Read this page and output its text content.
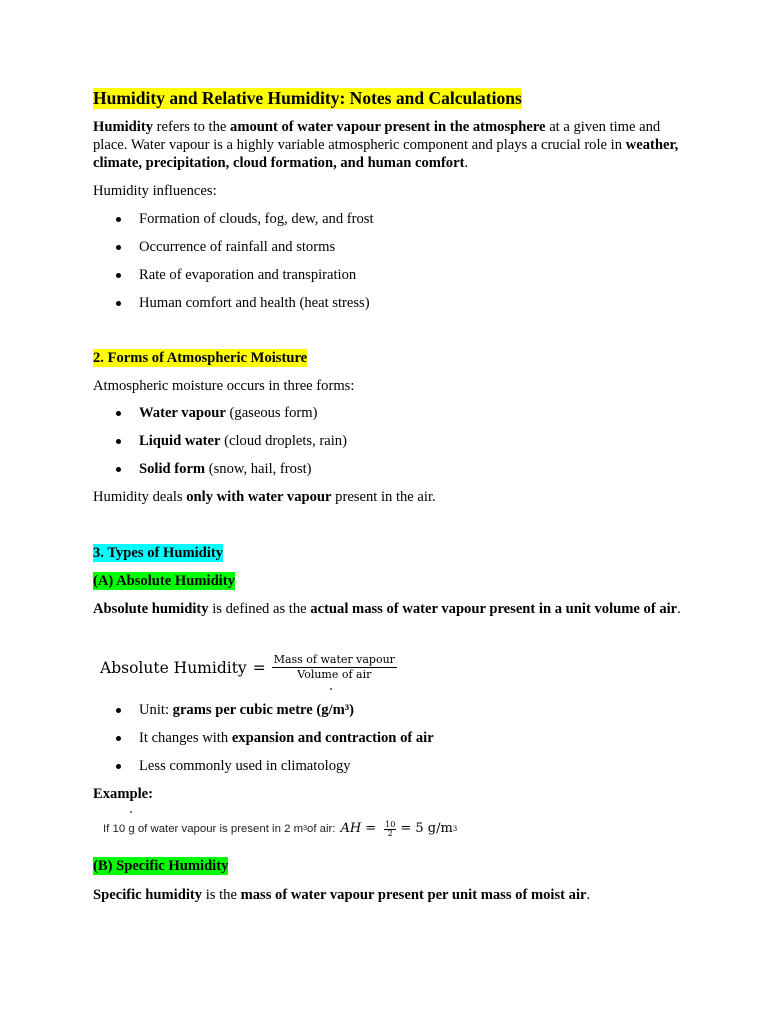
Humidity and Relative Humidity: Notes and Calculations

Humidity refers to the amount of water vapour present in the atmosphere at a given time and place. Water vapour is a highly variable atmospheric component and plays a crucial role in weather, climate, precipitation, cloud formation, and human comfort.

Humidity influences:

Formation of clouds, fog, dew, and frost
Occurrence of rainfall and storms
Rate of evaporation and transpiration
Human comfort and health (heat stress)
2. Forms of Atmospheric Moisture

Atmospheric moisture occurs in three forms:

Water vapour (gaseous form)
Liquid water (cloud droplets, rain)
Solid form (snow, hail, frost)

Humidity deals only with water vapour present in the air.

3. Types of Humidity
(A) Absolute Humidity

Absolute humidity is defined as the actual mass of water vapour present in a unit volume of air.

Absolute Humidity = $\frac{\text{Mass of water vapour}}{\text{Volume of air}}$
Unit: grams per cubic metre (g/m³)
It changes with expansion and contraction of air
Less commonly used in climatology
Example:
If 10 g of water vapour is present in 2 m 3 of air: AH = $\frac{10}{2} = 5$ g/m 3
(B) Specific Humidity

Specific humidity is the mass of water vapour present per unit mass of moist air.
